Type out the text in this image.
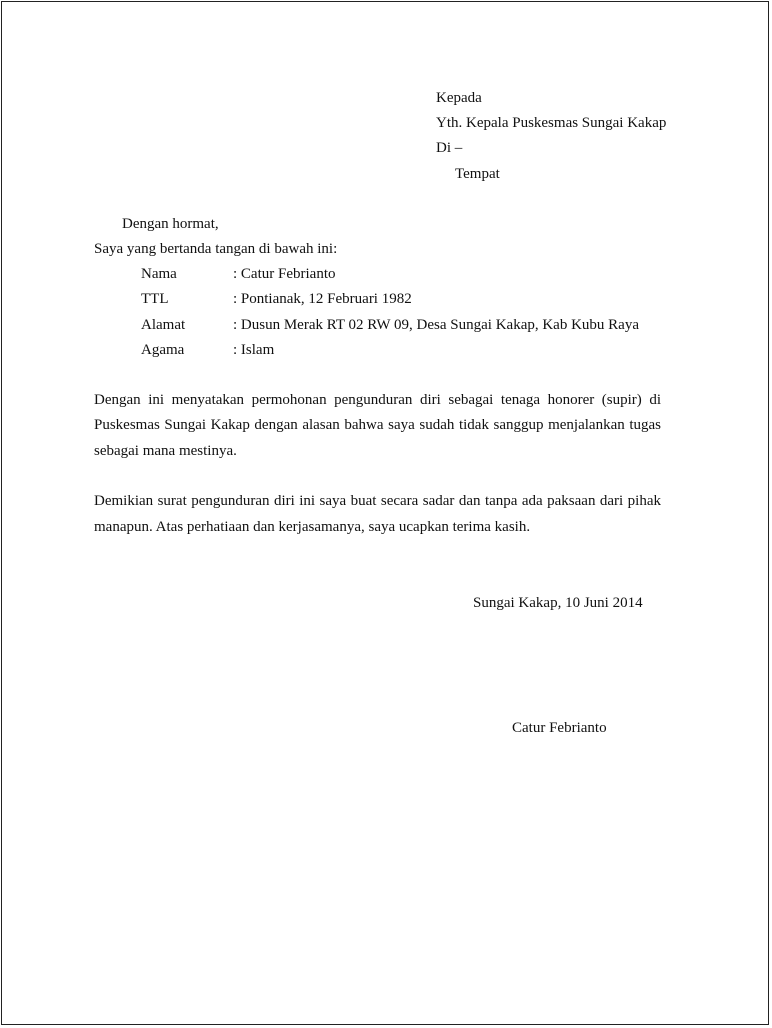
Kepada
Yth. Kepala Puskesmas Sungai Kakap
Di –
Tempat
Dengan hormat,
Saya yang bertanda tangan di bawah ini:
Nama	: Catur Febrianto
TTL	: Pontianak, 12 Februari 1982
Alamat	: Dusun Merak RT 02 RW 09, Desa Sungai Kakap, Kab Kubu Raya
Agama	: Islam
Dengan ini menyatakan permohonan pengunduran diri sebagai tenaga honorer (supir) di
Puskesmas Sungai Kakap dengan alasan bahwa saya sudah tidak sanggup menjalankan tugas
sebagai mana mestinya.
Demikian surat pengunduran diri ini saya buat secara sadar dan tanpa ada paksaan dari pihak
manapun. Atas perhatiaan dan kerjasamanya, saya ucapkan terima kasih.
Sungai Kakap, 10 Juni 2014
Catur Febrianto
